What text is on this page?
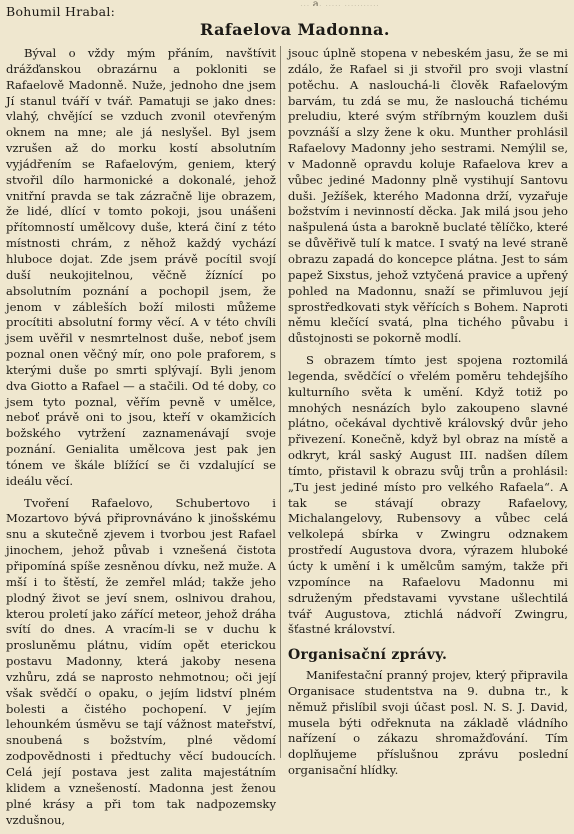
... a. ..... ...........
Bohumil Hrabal:
Rafaelova Madonna.

Býval o vždy mým přáním, navštívit drážďanskou obrazárnu a pokloniti se Rafaelově Madonně. Nuže, jednoho dne jsem Jí stanul tváří v tvář. Pamatuji se jako dnes: vlahý, chvějící se vzduch zvonil otevřeným oknem na mne; ale já neslyšel. Byl jsem vzrušen až do morku kostí absolutním vyjádřením se Rafaelovým, geniem, který stvořil dílo harmonické a dokonalé, jehož vnitřní pravda se tak zázračně lije obrazem, že lidé, dlící v tomto pokoji, jsou unášeni přítomností umělcovy duše, která činí z této místnosti chrám, z něhož každý vychází hluboce dojat. Zde jsem právě pocítil svojí duší neukojitelnou, věčně žíznící po absolutním poznání a pochopil jsem, že jenom v zábleších boží milosti můžeme procítiti absolutní formy věcí. A v této chvíli jsem uvěřil v nesmrtelnost duše, neboť jsem poznal onen věčný mír, ono pole praforem, s kterými duše po smrti splývají. Byli jenom dva Giotto a Rafael — a stačili. Od té doby, co jsem tyto poznal, věřím pevně v umělce, neboť právě oni to jsou, kteří v okamžicích božského vytržení zaznamenávají svoje poznání. Genialita umělcova jest pak jen tónem ve škále blížící se či vzdalující se ideálu věcí.

Tvoření Rafaelovo, Schubertovo i Mozartovo bývá připrovnáváno k jinošskému snu a skutečně zjevem i tvorbou jest Rafael jinochem, jehož půvab i vznešená čistota připomíná spíše zesněnou dívku, než muže. A mší i to štěstí, že zemřel mlád; takže jeho plodný život se jeví snem, oslnivou drahou, kterou proletí jako zářící meteor, jehož dráha svítí do dnes. A vracím-li se v duchu k prosluněmu plátnu, vidím opět eterickou postavu Madonny, která jakoby nesena vzhůru, zdá se naprosto nehmotnou; oči její však svědčí o opaku, o jejím lidství plném bolesti a čistého pochopení. V jejím lehounkém úsměvu se tají vážnost mateřství, snoubená s božstvím, plné vědomí zodpovědnosti i předtuchy věcí budoucích. Celá její postava jest zalita majestátním klidem a vznešeností. Madonna jest ženou plné krásy a při tom tak nadpozemsky vzdušnou,

jsouc úplně stopena v nebeském jasu, že se mi zdálo, že Rafael si ji stvořil pro svoji vlastní potěchu. A naslouchá-li člověk Rafaelovým barvám, tu zdá se mu, že naslouchá tichému preludiu, které svým stříbrným kouzlem duši povznáší a slzy žene k oku. Munther prohlásil Rafaelovy Madonny jeho sestrami. Nemýlil se, v Madonně opravdu koluje Rafaelova krev a vůbec jediné Madonny plně vystihují Santovu duši. Ježíšek, kterého Madonna drží, vyzařuje božstvím i nevinností děcka. Jak milá jsou jeho našpulená ústa a barokně buclaté tělíčko, které se důvěřivě tulí k matce. I svatý na levé straně obrazu zapadá do koncepce plátna. Jest to sám papež Sixstus, jehož vztyčená pravice a upřený pohled na Madonnu, snaží se přimluvou její sprostředkovati styk věřících s Bohem. Naproti němu klečící svatá, plna tichého půvabu i důstojnosti se pokorně modlí.

S obrazem tímto jest spojena roztomilá legenda, svědčící o vřelém poměru tehdejšího kulturního světa k umění. Když totiž po mnohých nesnázích bylo zakoupeno slavné plátno, očekával dychtivě královský dvůr jeho přivezení. Konečně, když byl obraz na místě a odkryt, král saský August III. nadšen dílem tímto, přistavil k obrazu svůj trůn a prohlásil: „Tu jest jediné místo pro velkého Rafaela“. A tak se stávají obrazy Rafaelovy, Michalangelovy, Rubensovy a vůbec celá velkolepá sbírka v Zwingru odznakem prostředí Augustova dvora, výrazem hluboké úcty k umění i k umělcům samým, takže při vzpomínce na Rafaelovu Madonnu mi sdruženým představami vyvstane ušlechtilá tvář Augustova, ztichlá nádvoří Zwingru, šťastné království.

Organisační zprávy.

Manifestační pranný projev, který připravila Organisace studentstva na 9. dubna tr., k němuž přislíbil svoji účast posl. N. S. J. David, musela býti odřeknuta na základě vládního nařízení o zákazu shromažďování. Tím doplňujeme příslušnou zprávu poslední organisační hlídky.
